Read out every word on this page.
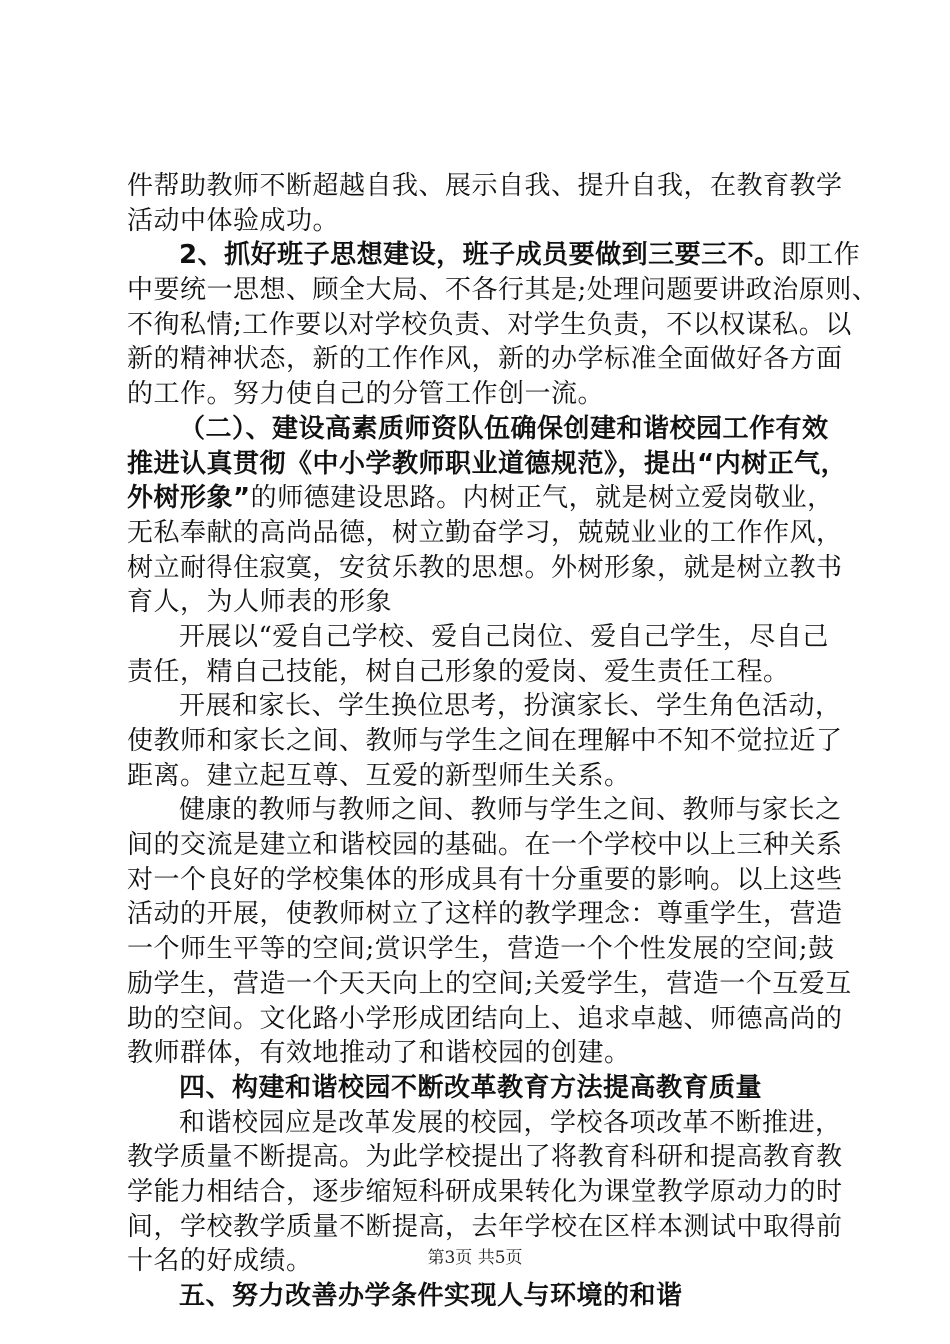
件帮助教师不断超越自我、展示自我、提升自我，在教育教学
活动中体验成功。
2、抓好班子思想建设，班子成员要做到三要三不。即工作
中要统一思想、顾全大局、不各行其是;处理问题要讲政治原则、
不徇私情;工作要以对学校负责、对学生负责，不以权谋私。以
新的精神状态，新的工作作风，新的办学标准全面做好各方面
的工作。努力使自己的分管工作创一流。
（二）、建设高素质师资队伍确保创建和谐校园工作有效
推进认真贯彻《中小学教师职业道德规范》，提出“内树正气，
外树形象”的师德建设思路。内树正气，就是树立爱岗敬业，
无私奉献的高尚品德，树立勤奋学习，兢兢业业的工作作风，
树立耐得住寂寞，安贫乐教的思想。外树形象，就是树立教书
育人，为人师表的形象
开展以“爱自己学校、爱自己岗位、爱自己学生，尽自己
责任，精自己技能，树自己形象的爱岗、爱生责任工程。
开展和家长、学生换位思考，扮演家长、学生角色活动，
使教师和家长之间、教师与学生之间在理解中不知不觉拉近了
距离。建立起互尊、互爱的新型师生关系。
健康的教师与教师之间、教师与学生之间、教师与家长之
间的交流是建立和谐校园的基础。在一个学校中以上三种关系
对一个良好的学校集体的形成具有十分重要的影响。以上这些
活动的开展，使教师树立了这样的教学理念：尊重学生，营造
一个师生平等的空间;赏识学生，营造一个个性发展的空间;鼓
励学生，营造一个天天向上的空间;关爱学生，营造一个互爱互
助的空间。文化路小学形成团结向上、追求卓越、师德高尚的
教师群体，有效地推动了和谐校园的创建。
四、构建和谐校园不断改革教育方法提高教育质量
和谐校园应是改革发展的校园，学校各项改革不断推进，
教学质量不断提高。为此学校提出了将教育科研和提高教育教
学能力相结合，逐步缩短科研成果转化为课堂教学原动力的时
间，学校教学质量不断提高，去年学校在区样本测试中取得前
十名的好成绩。
五、努力改善办学条件实现人与环境的和谐
第3页 共5页
